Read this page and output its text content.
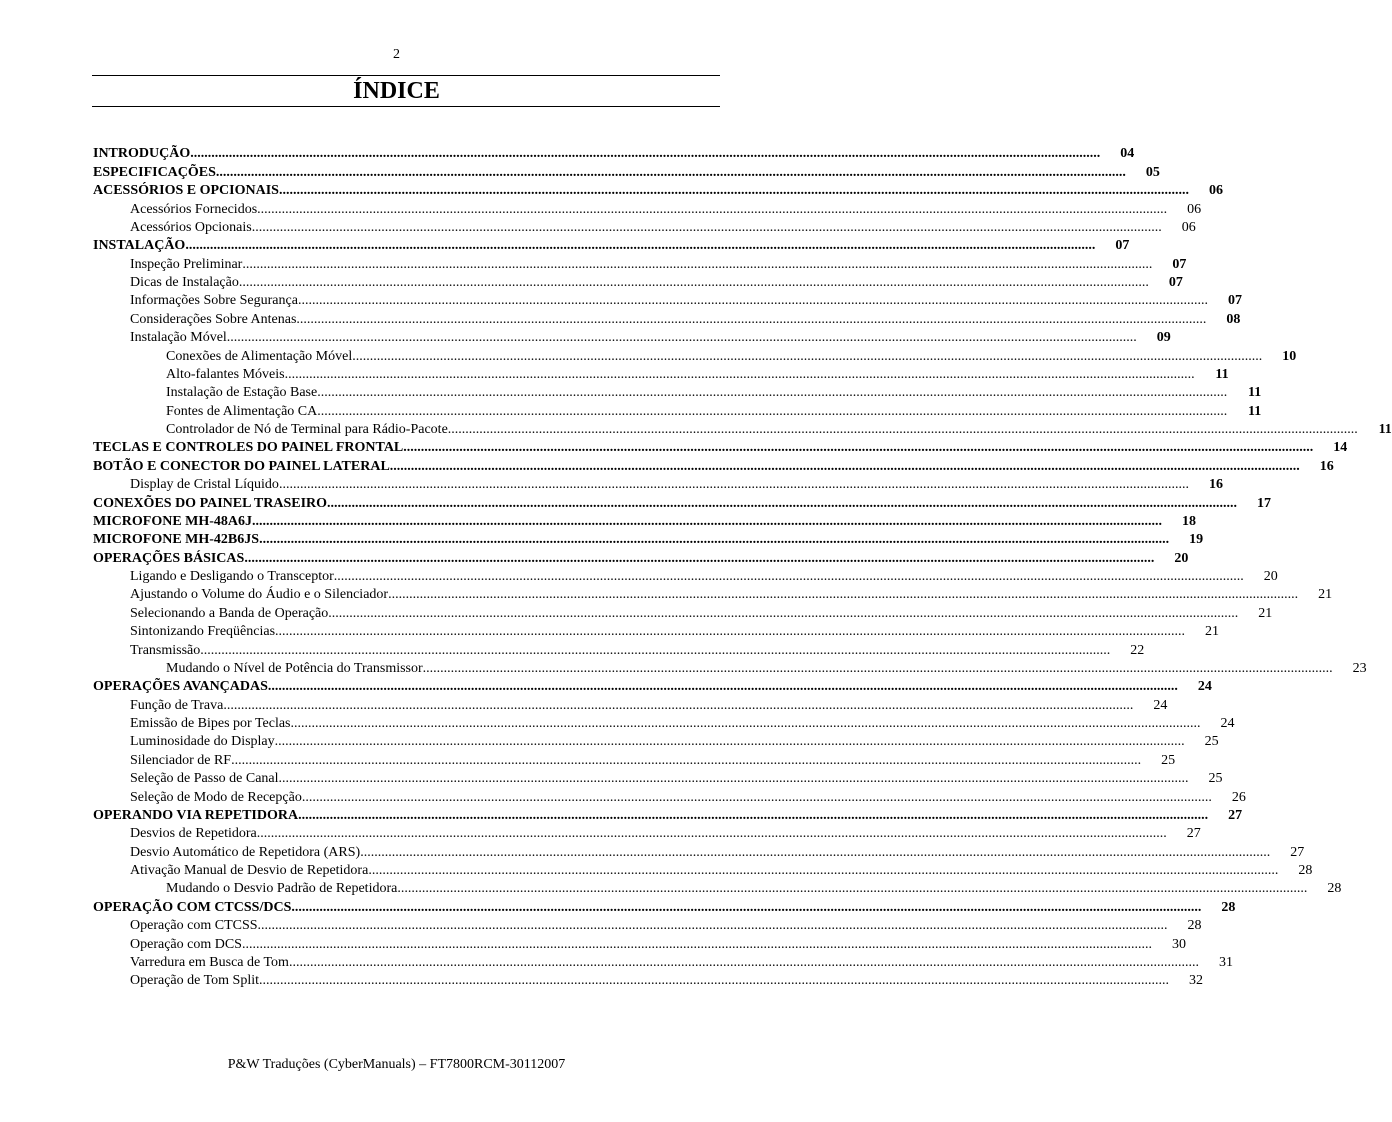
2
ÍNDICE
INTRODUÇÃO ....................................................................................................................................................................................................................................................................	04
ESPECIFICAÇÕES ....................................................................................................................................................................................................................................................................	05
ACESSÓRIOS E OPCIONAIS ....................................................................................................................................................................................................................................................................	06
Acessórios Fornecidos ....................................................................................................................................................................................................................................................................	06
Acessórios Opcionais ....................................................................................................................................................................................................................................................................	06
INSTALAÇÃO ....................................................................................................................................................................................................................................................................	07
Inspeção Preliminar ....................................................................................................................................................................................................................................................................	07
Dicas de Instalação ....................................................................................................................................................................................................................................................................	07
Informações Sobre Segurança ....................................................................................................................................................................................................................................................................	07
Considerações Sobre Antenas ....................................................................................................................................................................................................................................................................	08
Instalação Móvel ....................................................................................................................................................................................................................................................................	09
Conexões de Alimentação Móvel ....................................................................................................................................................................................................................................................................	10
Alto-falantes Móveis ....................................................................................................................................................................................................................................................................	11
Instalação de Estação Base ....................................................................................................................................................................................................................................................................	11
Fontes de Alimentação CA ....................................................................................................................................................................................................................................................................	11
Controlador de Nó de Terminal para Rádio-Pacote ....................................................................................................................................................................................................................................................................	11
TECLAS E CONTROLES DO PAINEL FRONTAL ....................................................................................................................................................................................................................................................................	14
BOTÃO E CONECTOR DO PAINEL LATERAL ....................................................................................................................................................................................................................................................................	16
Display de Cristal Líquido ....................................................................................................................................................................................................................................................................	16
CONEXÕES DO PAINEL TRASEIRO ....................................................................................................................................................................................................................................................................	17
MICROFONE MH-48A6J ....................................................................................................................................................................................................................................................................	18
MICROFONE MH-42B6JS ....................................................................................................................................................................................................................................................................	19
OPERAÇÕES BÁSICAS ....................................................................................................................................................................................................................................................................	20
Ligando e Desligando o Transceptor ....................................................................................................................................................................................................................................................................	20
Ajustando o Volume do Áudio e o Silenciador ....................................................................................................................................................................................................................................................................	21
Selecionando a Banda de Operação ....................................................................................................................................................................................................................................................................	21
Sintonizando Freqüências ....................................................................................................................................................................................................................................................................	21
Transmissão ....................................................................................................................................................................................................................................................................	22
Mudando o Nível de Potência do Transmissor ....................................................................................................................................................................................................................................................................	23
OPERAÇÕES AVANÇADAS ....................................................................................................................................................................................................................................................................	24
Função de Trava ....................................................................................................................................................................................................................................................................	24
Emissão de Bipes por Teclas ....................................................................................................................................................................................................................................................................	24
Luminosidade do Display ....................................................................................................................................................................................................................................................................	25
Silenciador de RF ....................................................................................................................................................................................................................................................................	25
Seleção de Passo de Canal ....................................................................................................................................................................................................................................................................	25
Seleção de Modo de Recepção ....................................................................................................................................................................................................................................................................	26
OPERANDO VIA REPETIDORA ....................................................................................................................................................................................................................................................................	27
Desvios de Repetidora ....................................................................................................................................................................................................................................................................	27
Desvio Automático de Repetidora (ARS) ....................................................................................................................................................................................................................................................................	27
Ativação Manual de Desvio de Repetidora ....................................................................................................................................................................................................................................................................	28
Mudando o Desvio Padrão de Repetidora ....................................................................................................................................................................................................................................................................	28
OPERAÇÃO COM CTCSS/DCS ....................................................................................................................................................................................................................................................................	28
Operação com CTCSS ....................................................................................................................................................................................................................................................................	28
Operação com DCS ....................................................................................................................................................................................................................................................................	30
Varredura em Busca de Tom ....................................................................................................................................................................................................................................................................	31
Operação de Tom Split ....................................................................................................................................................................................................................................................................	32
P&W Traduções (CyberManuals) – FT7800RCM-30112007
